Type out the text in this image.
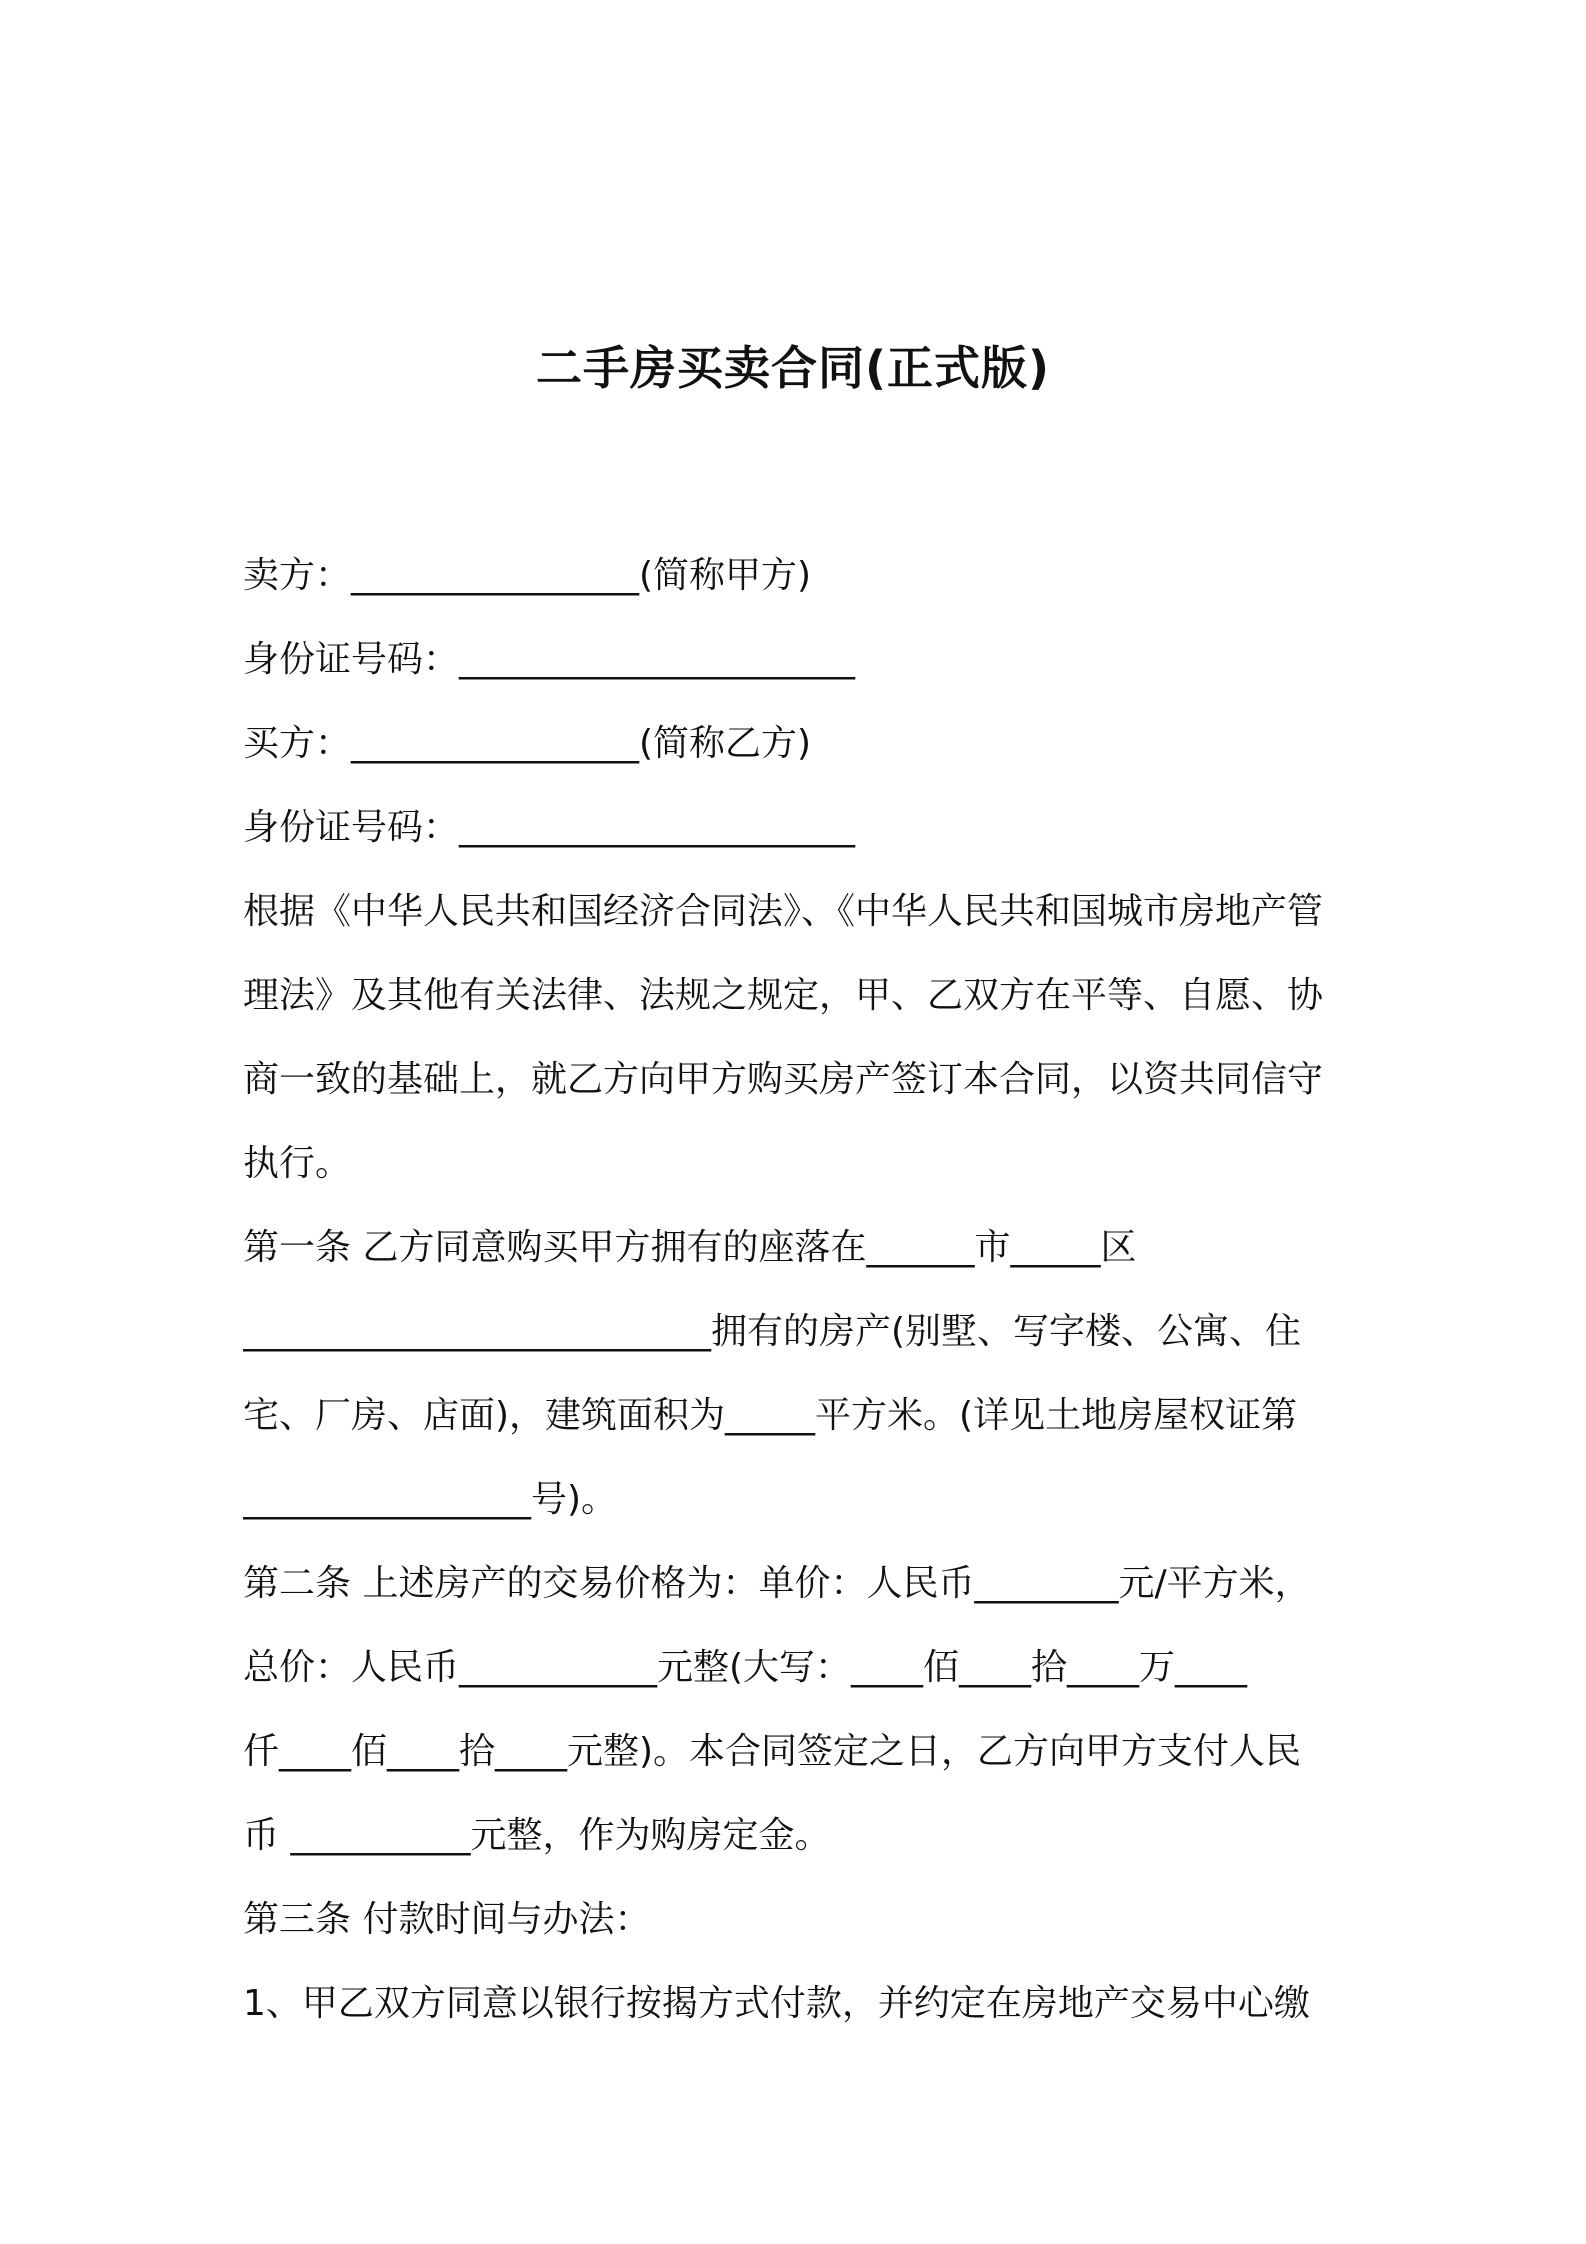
二手房买卖合同(正式版)
卖方：________________(简称甲方)
身份证号码：______________________
买方：________________(简称乙方)
身份证号码：______________________
根据《中华人民共和国经济合同法》、《中华人民共和国城市房地产管
理法》及其他有关法律、法规之规定，甲、乙双方在平等、自愿、协
商一致的基础上，就乙方向甲方购买房产签订本合同，以资共同信守
执行。
第一条 乙方同意购买甲方拥有的座落在______市_____区
__________________________拥有的房产(别墅、写字楼、公寓、住
宅、厂房、店面)，建筑面积为_____平方米。(详见土地房屋权证第
________________号)。
第二条 上述房产的交易价格为：单价：人民币________元/平方米，
总价：人民币___________元整(大写：____佰____拾____万____
仟____佰____拾____元整)。本合同签定之日，乙方向甲方支付人民
币 __________元整，作为购房定金。
第三条 付款时间与办法：
1、甲乙双方同意以银行按揭方式付款，并约定在房地产交易中心缴
